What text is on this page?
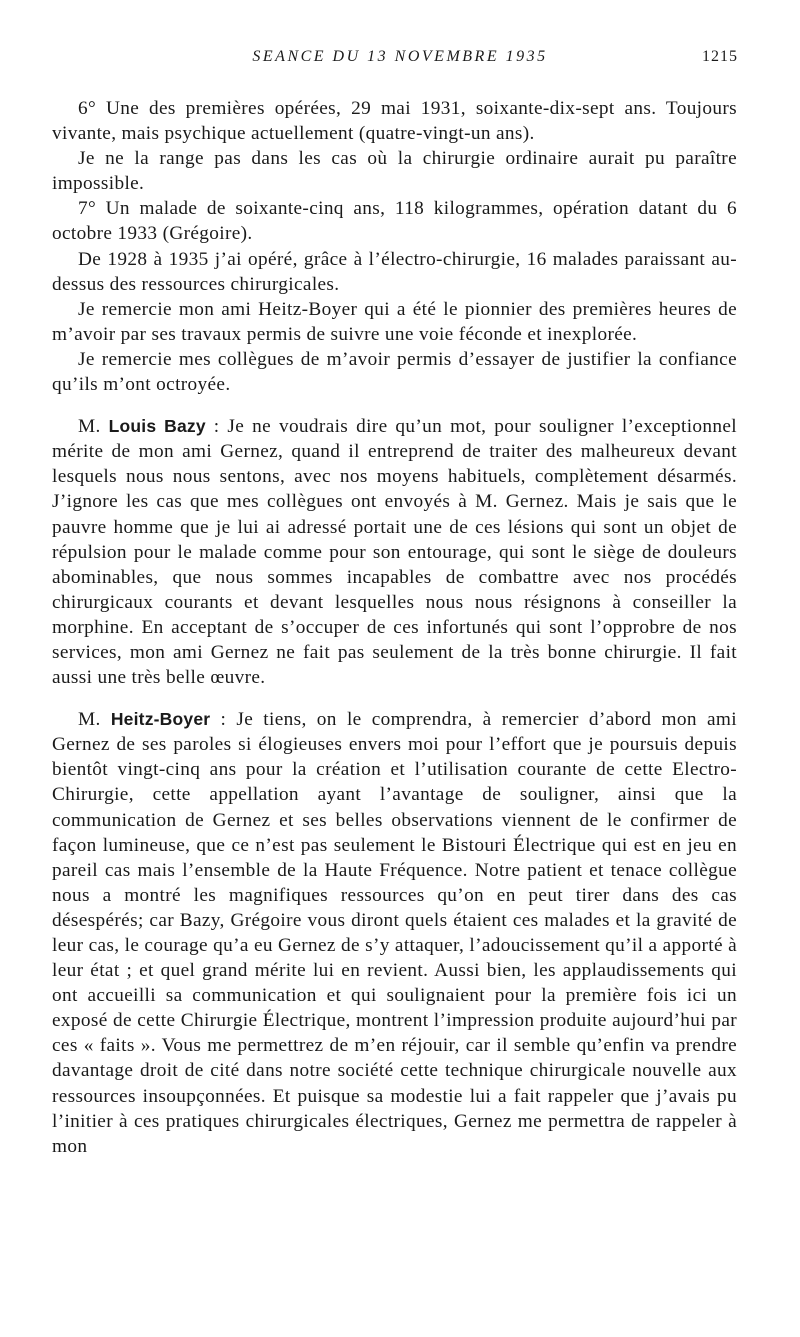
SEANCE DU 13 NOVEMBRE 1935	1215

6° Une des premières opérées, 29 mai 1931, soixante-dix-sept ans. Toujours vivante, mais psychique actuellement (quatre-vingt-un ans).

Je ne la range pas dans les cas où la chirurgie ordinaire aurait pu paraître impossible.

7° Un malade de soixante-cinq ans, 118 kilogrammes, opération datant du 6 octobre 1933 (Grégoire).

De 1928 à 1935 j’ai opéré, grâce à l’électro-chirurgie, 16 malades paraissant au-dessus des ressources chirurgicales.

Je remercie mon ami Heitz-Boyer qui a été le pionnier des premières heures de m’avoir par ses travaux permis de suivre une voie féconde et inexplorée.

Je remercie mes collègues de m’avoir permis d’essayer de justifier la confiance qu’ils m’ont octroyée.

M. Louis Bazy : Je ne voudrais dire qu’un mot, pour souligner l’exceptionnel mérite de mon ami Gernez, quand il entreprend de traiter des malheureux devant lesquels nous nous sentons, avec nos moyens habituels, complètement désarmés. J’ignore les cas que mes collègues ont envoyés à M. Gernez. Mais je sais que le pauvre homme que je lui ai adressé portait une de ces lésions qui sont un objet de répulsion pour le malade comme pour son entourage, qui sont le siège de douleurs abominables, que nous sommes incapables de combattre avec nos procédés chirurgicaux courants et devant lesquelles nous nous résignons à conseiller la morphine. En acceptant de s’occuper de ces infortunés qui sont l’opprobre de nos services, mon ami Gernez ne fait pas seulement de la très bonne chirurgie. Il fait aussi une très belle œuvre.

M. Heitz-Boyer : Je tiens, on le comprendra, à remercier d’abord mon ami Gernez de ses paroles si élogieuses envers moi pour l’effort que je poursuis depuis bientôt vingt-cinq ans pour la création et l’utilisation courante de cette Electro-Chirurgie, cette appellation ayant l’avantage de souligner, ainsi que la communication de Gernez et ses belles observations viennent de le confirmer de façon lumineuse, que ce n’est pas seulement le Bistouri Électrique qui est en jeu en pareil cas mais l’ensemble de la Haute Fréquence. Notre patient et tenace collègue nous a montré les magnifiques ressources qu’on en peut tirer dans des cas désespérés; car Bazy, Grégoire vous diront quels étaient ces malades et la gravité de leur cas, le courage qu’a eu Gernez de s’y attaquer, l’adoucissement qu’il a apporté à leur état ; et quel grand mérite lui en revient. Aussi bien, les applaudissements qui ont accueilli sa communication et qui soulignaient pour la première fois ici un exposé de cette Chirurgie Électrique, montrent l’impression produite aujourd’hui par ces « faits ». Vous me permettrez de m’en réjouir, car il semble qu’enfin va prendre davantage droit de cité dans notre société cette technique chirurgicale nouvelle aux ressources insoupçonnées. Et puisque sa modestie lui a fait rappeler que j’avais pu l’initier à ces pratiques chirurgicales électriques, Gernez me permettra de rappeler à mon
